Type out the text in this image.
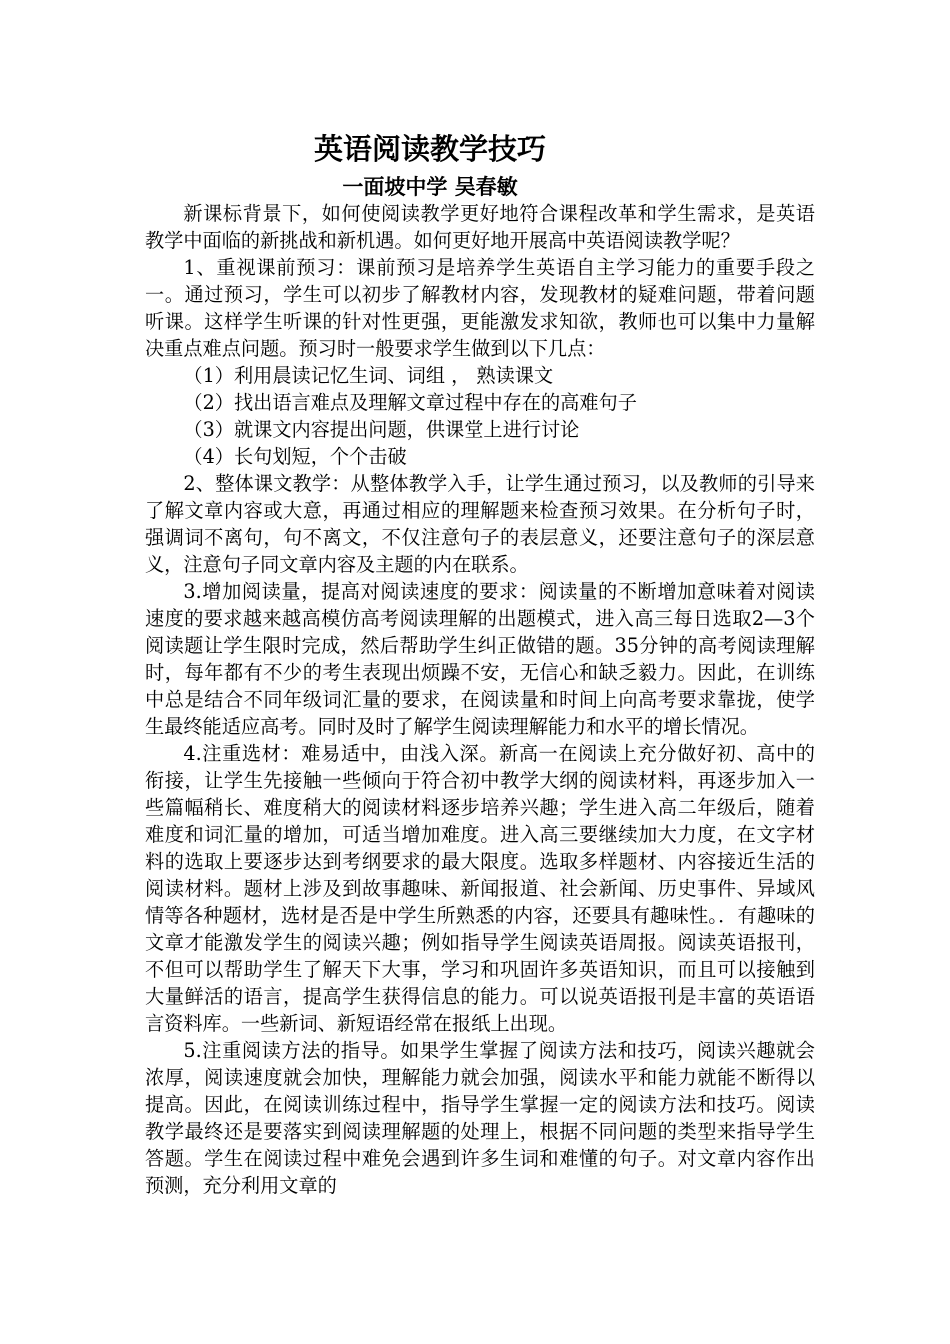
英语阅读教学技巧
一面坡中学 吴春敏

新课标背景下，如何使阅读教学更好地符合课程改革和学生需求，是英语教学中面临的新挑战和新机遇。如何更好地开展高中英语阅读教学呢？

1、重视课前预习：课前预习是培养学生英语自主学习能力的重要手段之一。通过预习，学生可以初步了解教材内容，发现教材的疑难问题，带着问题听课。这样学生听课的针对性更强，更能激发求知欲，教师也可以集中力量解决重点难点问题。预习时一般要求学生做到以下几点：

（1）利用晨读记忆生词、词组 ， 熟读课文

（2）找出语言难点及理解文章过程中存在的高难句子

（3）就课文内容提出问题，供课堂上进行讨论

（4）长句划短，个个击破

2、整体课文教学：从整体教学入手，让学生通过预习，以及教师的引导来了解文章内容或大意，再通过相应的理解题来检查预习效果。在分析句子时，强调词不离句，句不离文，不仅注意句子的表层意义，还要注意句子的深层意义，注意句子同文章内容及主题的内在联系。

3.增加阅读量，提高对阅读速度的要求：阅读量的不断增加意味着对阅读速度的要求越来越高模仿高考阅读理解的出题模式，进入高三每日选取2—3个阅读题让学生限时完成，然后帮助学生纠正做错的题。35分钟的高考阅读理解时，每年都有不少的考生表现出烦躁不安，无信心和缺乏毅力。因此，在训练中总是结合不同年级词汇量的要求，在阅读量和时间上向高考要求靠拢，使学生最终能适应高考。同时及时了解学生阅读理解能力和水平的增长情况。

4.注重选材：难易适中，由浅入深。新高一在阅读上充分做好初、高中的衔接，让学生先接触一些倾向于符合初中教学大纲的阅读材料，再逐步加入一些篇幅稍长、难度稍大的阅读材料逐步培养兴趣；学生进入高二年级后，随着难度和词汇量的增加，可适当增加难度。进入高三要继续加大力度，在文字材料的选取上要逐步达到考纲要求的最大限度。选取多样题材、内容接近生活的阅读材料。题材上涉及到故事趣味、新闻报道、社会新闻、历史事件、异域风情等各种题材，选材是否是中学生所熟悉的内容，还要具有趣味性。．有趣味的文章才能激发学生的阅读兴趣；例如指导学生阅读英语周报。阅读英语报刊，不但可以帮助学生了解天下大事，学习和巩固许多英语知识，而且可以接触到大量鲜活的语言，提高学生获得信息的能力。可以说英语报刊是丰富的英语语言资料库。一些新词、新短语经常在报纸上出现。

5.注重阅读方法的指导。如果学生掌握了阅读方法和技巧，阅读兴趣就会浓厚，阅读速度就会加快，理解能力就会加强，阅读水平和能力就能不断得以提高。因此，在阅读训练过程中，指导学生掌握一定的阅读方法和技巧。阅读教学最终还是要落实到阅读理解题的处理上，根据不同问题的类型来指导学生答题。学生在阅读过程中难免会遇到许多生词和难懂的句子。对文章内容作出预测，充分利用文章的
